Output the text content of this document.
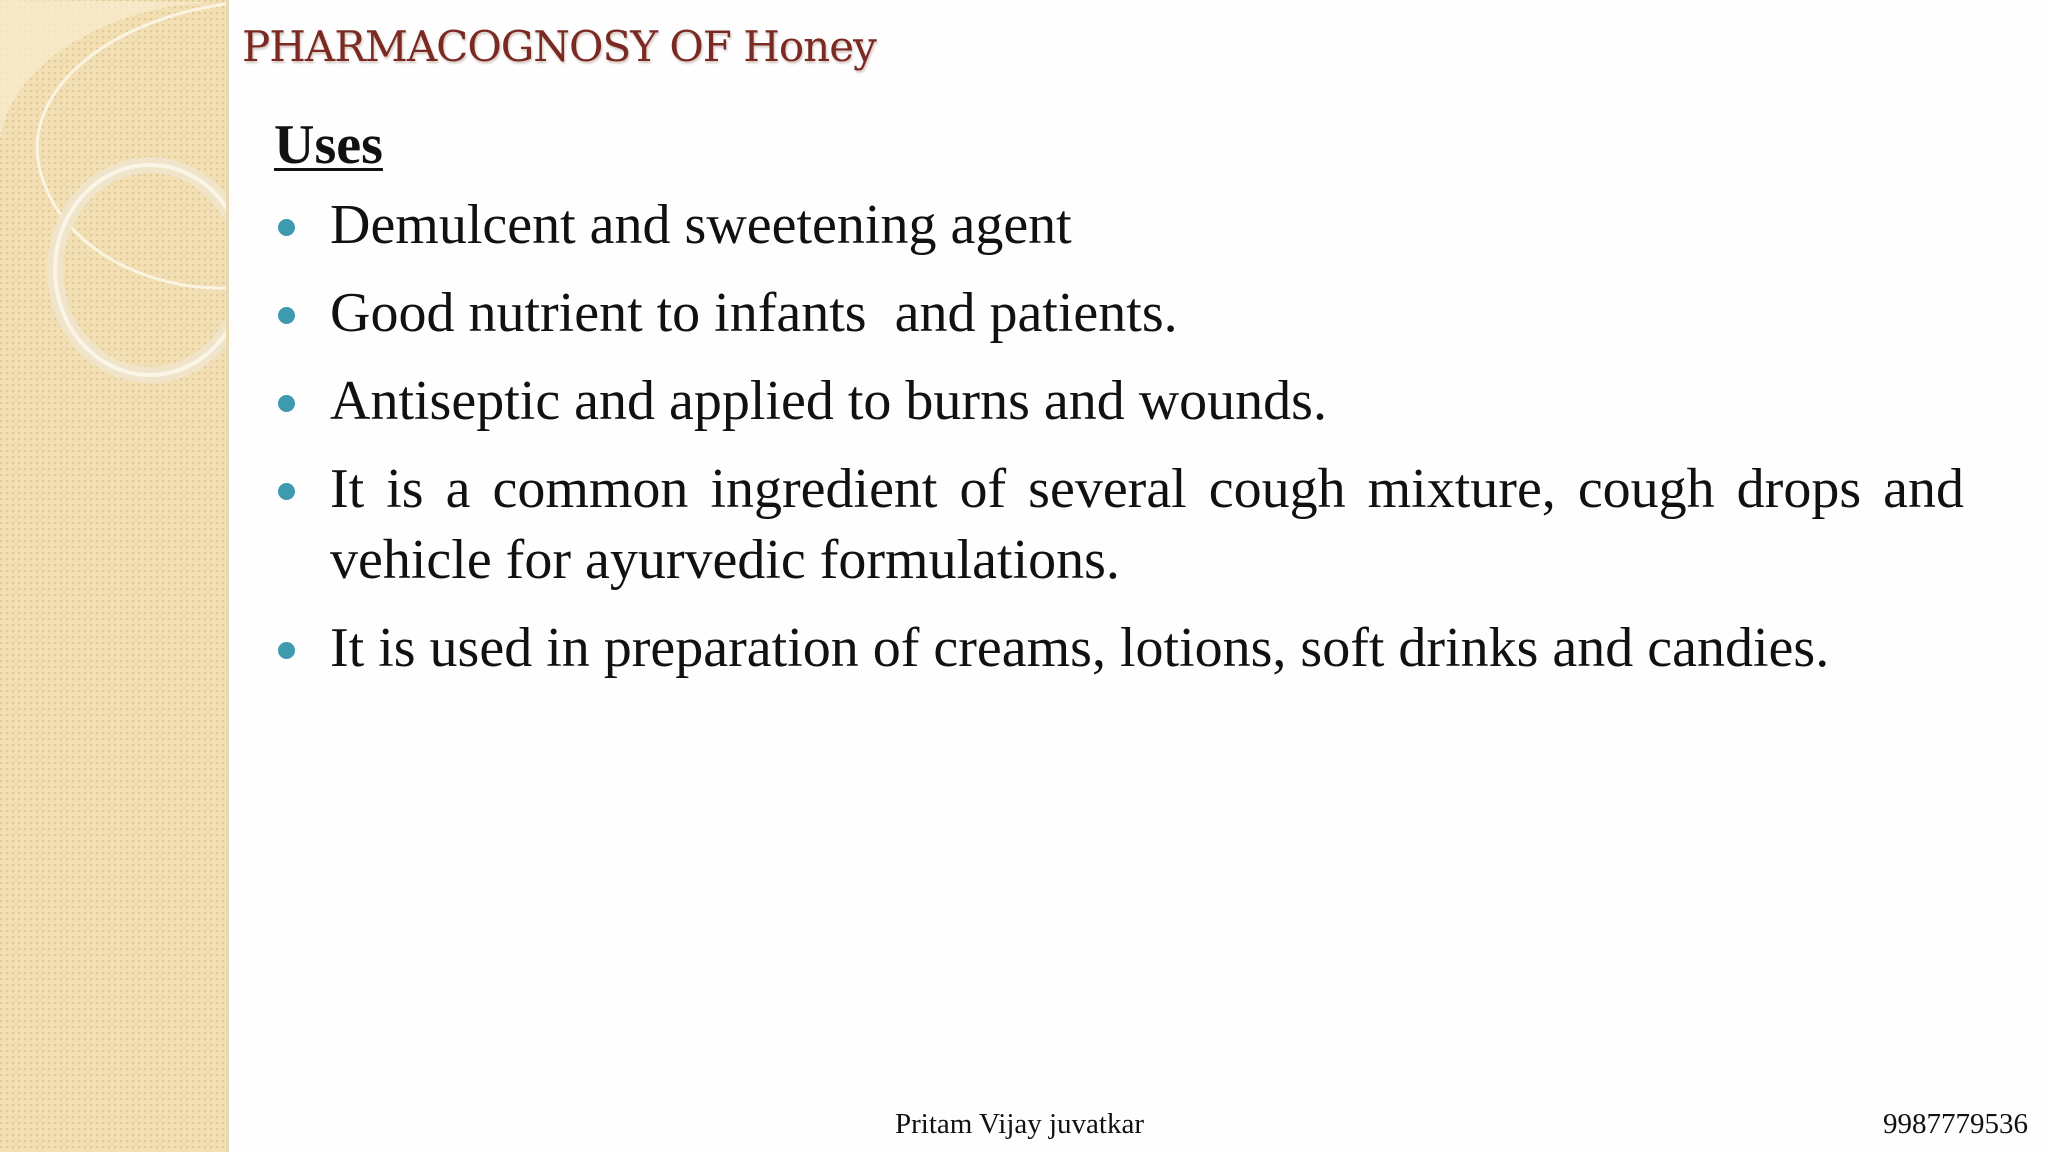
PHARMACOGNOSY OF Honey
Uses
Demulcent and sweetening agent
Good nutrient to infants  and patients.
Antiseptic and applied to burns and wounds.
It is a common ingredient of several cough mixture, cough drops and vehicle for ayurvedic formulations.
It is used in preparation of creams, lotions, soft drinks and candies.
Pritam Vijay juvatkar	9987779536
